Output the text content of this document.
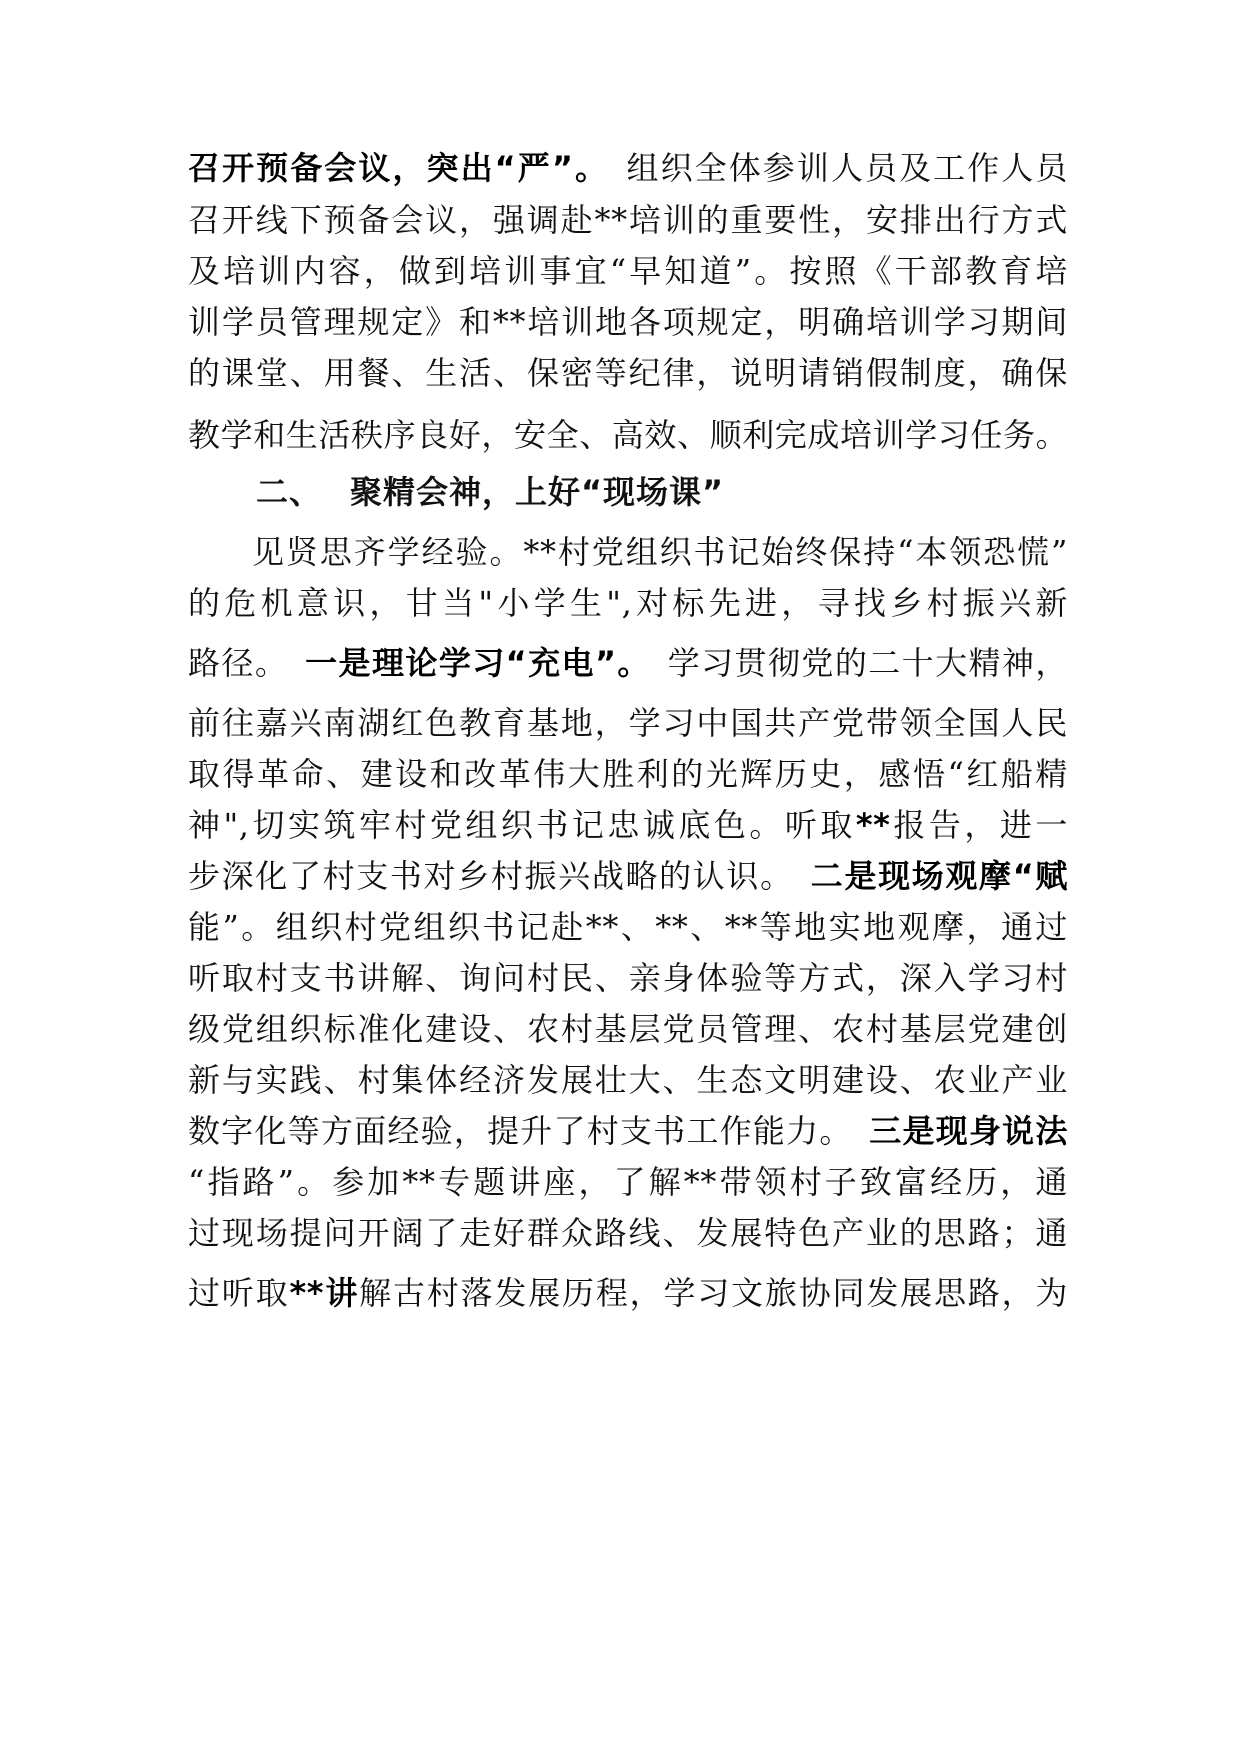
召开预备会议，突出“严”。 组织全体参训人员及工作人员
召开线下预备会议，强调赴**培训的重要性，安排出行方式
及培训内容，做到培训事宜“早知道”。按照《干部教育培
训学员管理规定》和**培训地各项规定，明确培训学习期间
的课堂、用餐、生活、保密等纪律，说明请销假制度，确保
教学和生活秩序良好，安全、高效、顺利完成培训学习任务。
二、 聚精会神，上好“现场课”
见贤思齐学经验。**村党组织书记始终保持“本领恐慌”
的危机意识，甘当"小学生",对标先进，寻找乡村振兴新
路径。 一是理论学习“充电”。 学习贯彻党的二十大精神，
前往嘉兴南湖红色教育基地，学习中国共产党带领全国人民
取得革命、建设和改革伟大胜利的光辉历史，感悟“红船精
神",切实筑牢村党组织书记忠诚底色。听取**报告，进一
步深化了村支书对乡村振兴战略的认识。 二是现场观摩“赋
能”。组织村党组织书记赴**、**、**等地实地观摩，通过
听取村支书讲解、询问村民、亲身体验等方式，深入学习村
级党组织标准化建设、农村基层党员管理、农村基层党建创
新与实践、村集体经济发展壮大、生态文明建设、农业产业
数字化等方面经验，提升了村支书工作能力。 三是现身说法
“指路”。参加**专题讲座，了解**带领村子致富经历，通
过现场提问开阔了走好群众路线、发展特色产业的思路；通
过听取**讲解古村落发展历程，学习文旅协同发展思路，为
